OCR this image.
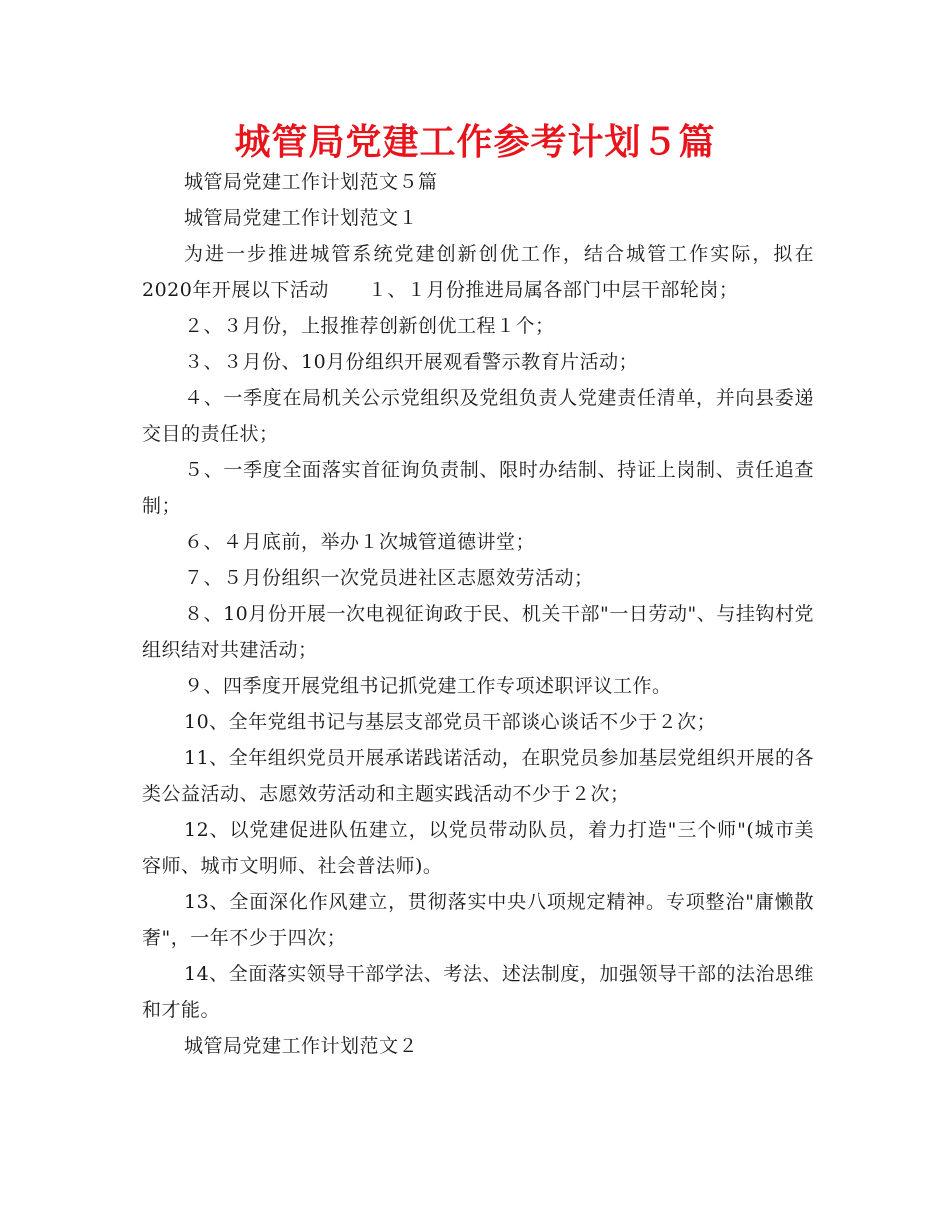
城管局党建工作参考计划５篇

城管局党建工作计划范文５篇

城管局党建工作计划范文１

为进一步推进城管系统党建创新创优工作，结合城管工作实际，拟在2020年开展以下活动　　１、１月份推进局属各部门中层干部轮岗；

２、３月份，上报推荐创新创优工程１个；

３、３月份、10月份组织开展观看警示教育片活动；

４、一季度在局机关公示党组织及党组负责人党建责任清单，并向县委递交目的责任状；

５、一季度全面落实首征询负责制、限时办结制、持证上岗制、责任追查制；

６、４月底前，举办１次城管道德讲堂；

７、５月份组织一次党员进社区志愿效劳活动；

８、10月份开展一次电视征询政于民、机关干部"一日劳动"、与挂钩村党组织结对共建活动；

９、四季度开展党组书记抓党建工作专项述职评议工作。

10、全年党组书记与基层支部党员干部谈心谈话不少于２次；

11、全年组织党员开展承诺践诺活动，在职党员参加基层党组织开展的各类公益活动、志愿效劳活动和主题实践活动不少于２次；

12、以党建促进队伍建立，以党员带动队员，着力打造"三个师"(城市美容师、城市文明师、社会普法师)。

13、全面深化作风建立，贯彻落实中央八项规定精神。专项整治"庸懒散奢"，一年不少于四次；

14、全面落实领导干部学法、考法、述法制度，加强领导干部的法治思维和才能。

城管局党建工作计划范文２
